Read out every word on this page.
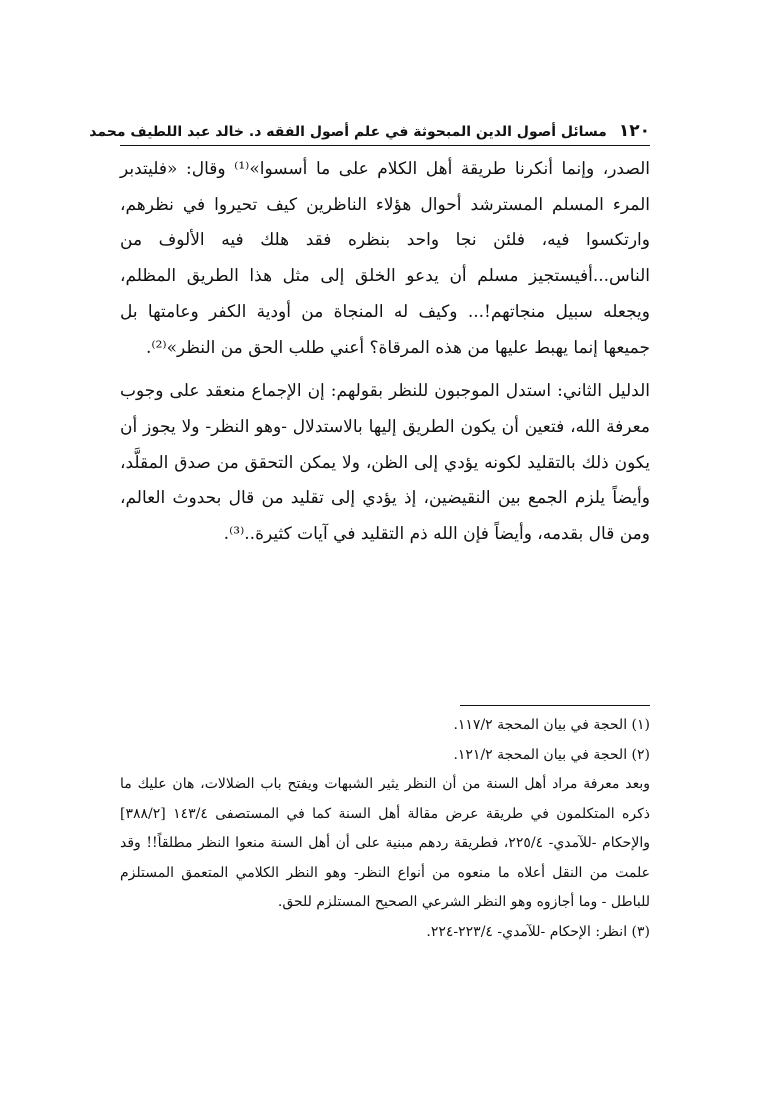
١٢٠مسائل أصول الدين المبحوثة في علم أصول الفقه د. خالد عبد اللطيف محمد

الصدر، وإنما أنكرنا طريقة أهل الكلام على ما أسسوا»⁽¹⁾ وقال: «فليتدبر المرء المسلم المسترشد أحوال هؤلاء الناظرين كيف تحيروا في نظرهم، وارتكسوا فيه، فلئن نجا واحد بنظره فقد هلك فيه الألوف من الناس...أفيستجيز مسلم أن يدعو الخلق إلى مثل هذا الطريق المظلم، ويجعله سبيل منجاتهم!... وكيف له المنجاة من أودية الكفر وعامتها بل جميعها إنما يهبط عليها من هذه المرقاة؟ أعني طلب الحق من النظر»⁽²⁾.

الدليل الثاني: استدل الموجبون للنظر بقولهم: إن الإجماع منعقد على وجوب معرفة الله، فتعين أن يكون الطريق إليها بالاستدلال -وهو النظر- ولا يجوز أن يكون ذلك بالتقليد لكونه يؤدي إلى الظن، ولا يمكن التحقق من صدق المقلَّد، وأيضاً يلزم الجمع بين النقيضين، إذ يؤدي إلى تقليد من قال بحدوث العالم، ومن قال بقدمه، وأيضاً فإن الله ذم التقليد في آيات كثيرة..⁽³⁾.

(١) الحجة في بيان المحجة ١١٧/٢.

(٢) الحجة في بيان المحجة ١٢١/٢.

وبعد معرفة مراد أهل السنة من أن النظر يثير الشبهات ويفتح باب الضلالات، هان عليك ما ذكره المتكلمون في طريقة عرض مقالة أهل السنة كما في المستصفى ١٤٣/٤ [٣٨٨/٢] والإحكام -للآمدي- ٢٢٥/٤، فطريقة ردهم مبنية على أن أهل السنة منعوا النظر مطلقاً!! وقد علمت من النقل أعلاه ما منعوه من أنواع النظر- وهو النظر الكلامي المتعمق المستلزم للباطل - وما أجازوه وهو النظر الشرعي الصحيح المستلزم للحق.

(٣) انظر: الإحكام -للآمدي- ٢٢٣/٤-٢٢٤.
